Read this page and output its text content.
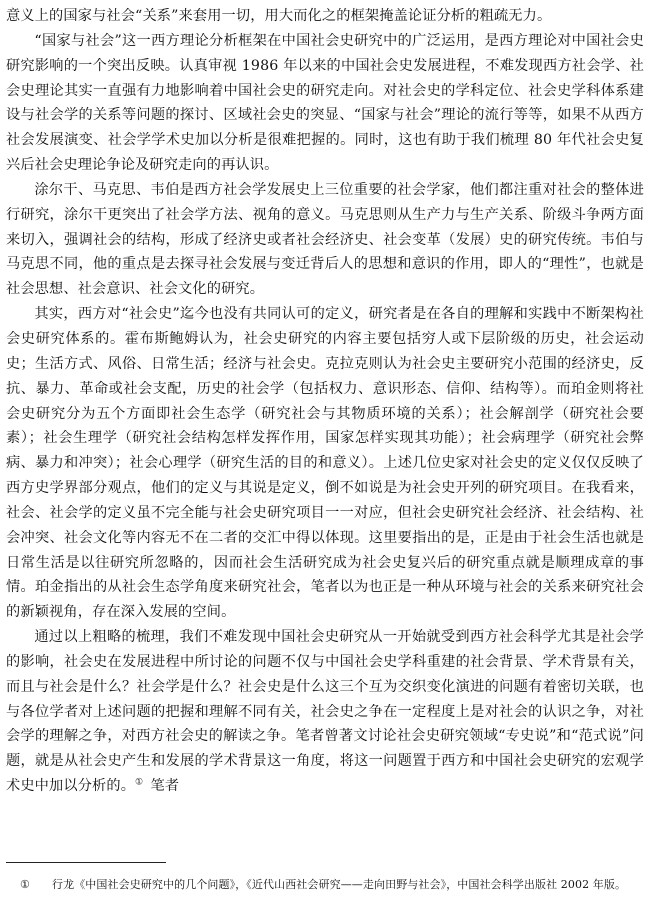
意义上的国家与社会“关系”来套用一切，用大而化之的框架掩盖论证分析的粗疏无力。

“国家与社会”这一西方理论分析框架在中国社会史研究中的广泛运用，是西方理论对中国社会史研究影响的一个突出反映。认真审视 1986 年以来的中国社会史发展进程，不难发现西方社会学、社会史理论其实一直强有力地影响着中国社会史的研究走向。对社会史的学科定位、社会史学科体系建设与社会学的关系等问题的探讨、区域社会史的突显、“国家与社会”理论的流行等等，如果不从西方社会发展演变、社会学学术史加以分析是很难把握的。同时，这也有助于我们梳理 80 年代社会史复兴后社会史理论争论及研究走向的再认识。

涂尔干、马克思、韦伯是西方社会学发展史上三位重要的社会学家，他们都注重对社会的整体进行研究，涂尔干更突出了社会学方法、视角的意义。马克思则从生产力与生产关系、阶级斗争两方面来切入，强调社会的结构，形成了经济史或者社会经济史、社会变革（发展）史的研究传统。韦伯与马克思不同，他的重点是去探寻社会发展与变迁背后人的思想和意识的作用，即人的“理性”，也就是社会思想、社会意识、社会文化的研究。

其实，西方对“社会史”迄今也没有共同认可的定义，研究者是在各自的理解和实践中不断架构社会史研究体系的。霍布斯鲍姆认为，社会史研究的内容主要包括穷人或下层阶级的历史，社会运动史；生活方式、风俗、日常生活；经济与社会史。克拉克则认为社会史主要研究小范围的经济史，反抗、暴力、革命或社会支配，历史的社会学（包括权力、意识形态、信仰、结构等）。而珀金则将社会史研究分为五个方面即社会生态学（研究社会与其物质环境的关系）；社会解剖学（研究社会要素）；社会生理学（研究社会结构怎样发挥作用，国家怎样实现其功能）；社会病理学（研究社会弊病、暴力和冲突）；社会心理学（研究生活的目的和意义）。上述几位史家对社会史的定义仅仅反映了西方史学界部分观点，他们的定义与其说是定义，倒不如说是为社会史开列的研究项目。在我看来，社会、社会学的定义虽不完全能与社会史研究项目一一对应，但社会史研究社会经济、社会结构、社会冲突、社会文化等内容无不在二者的交汇中得以体现。这里要指出的是，正是由于社会生活也就是日常生活是以往研究所忽略的，因而社会生活研究成为社会史复兴后的研究重点就是顺理成章的事情。珀金指出的从社会生态学角度来研究社会，笔者以为也正是一种从环境与社会的关系来研究社会的新颖视角，存在深入发展的空间。

通过以上粗略的梳理，我们不难发现中国社会史研究从一开始就受到西方社会科学尤其是社会学的影响，社会史在发展进程中所讨论的问题不仅与中国社会史学科重建的社会背景、学术背景有关，而且与社会是什么？社会学是什么？社会史是什么这三个互为交织变化演进的问题有着密切关联，也与各位学者对上述问题的把握和理解不同有关，社会史之争在一定程度上是对社会的认识之争，对社会学的理解之争，对西方社会史的解读之争。笔者曾著文讨论社会史研究领域“专史说”和“范式说”问题，就是从社会史产生和发展的学术背景这一角度，将这一问题置于西方和中国社会史研究的宏观学术史中加以分析的。①  笔者

① 行龙《中国社会史研究中的几个问题》，《近代山西社会研究——走向田野与社会》，中国社会科学出版社 2002 年版。
